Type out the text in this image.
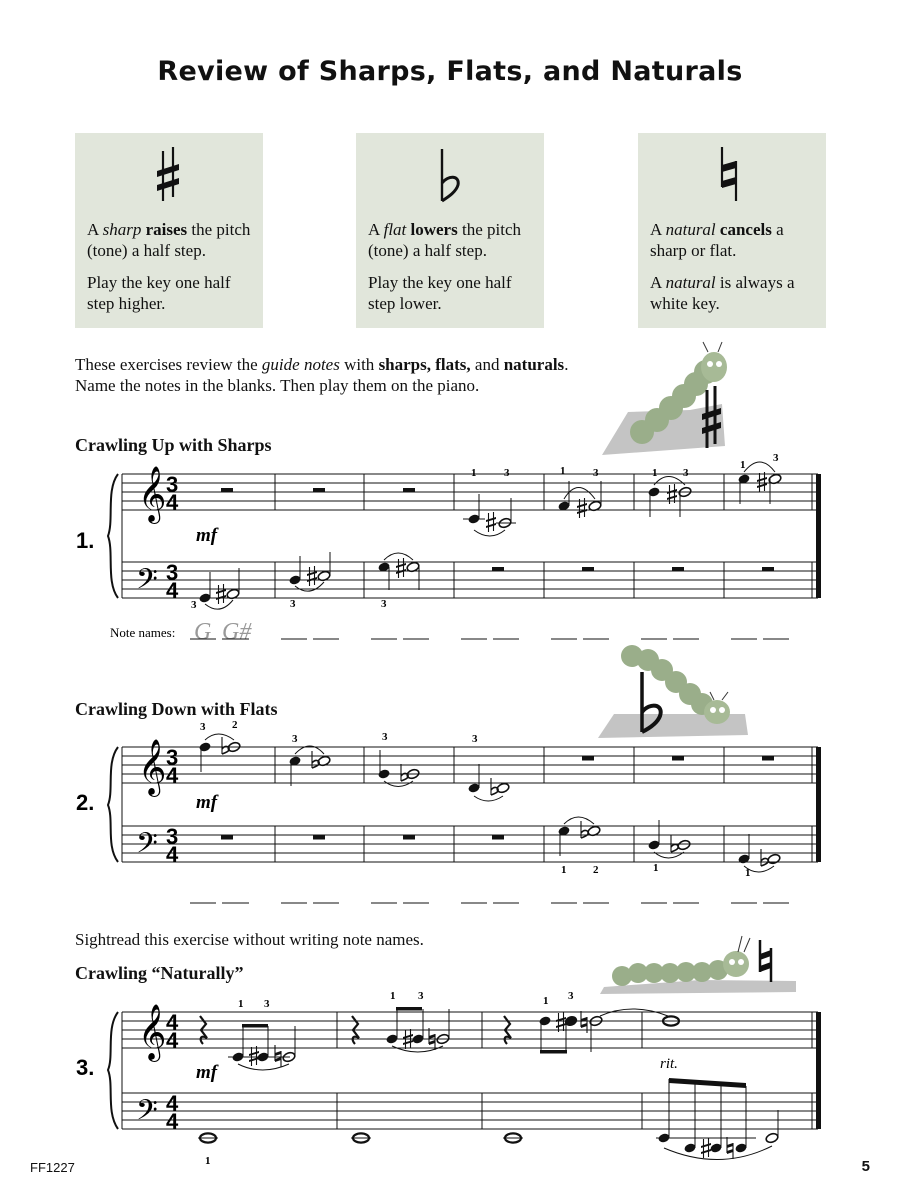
Review of Sharps, Flats, and Naturals
A sharp raises the pitch (tone) a half step.
Play the key one half step higher.
A flat lowers the pitch (tone) a half step.
Play the key one half step lower.
A natural cancels a sharp or flat.
A natural is always a white key.
These exercises review the guide notes with sharps, flats, and naturals.
Name the notes in the blanks. Then play them on the piano.
Crawling Up with Sharps
Crawling Down with Flats
Sightread this exercise without writing note names.
Crawling “Naturally”
𝄞
𝄢
3
4
3
4
1.	mf
1	3	1	3	1 3
1
3
3	3	3
Note names: G G#
𝄞
𝄢
3
4
3
4
2.	mf
3 2
3	3	3
1 2	1	1
𝄞
𝄢
4
4
4
4
3.	mf	rit.
1 3
1 3	1 3
1
FF1227	5
